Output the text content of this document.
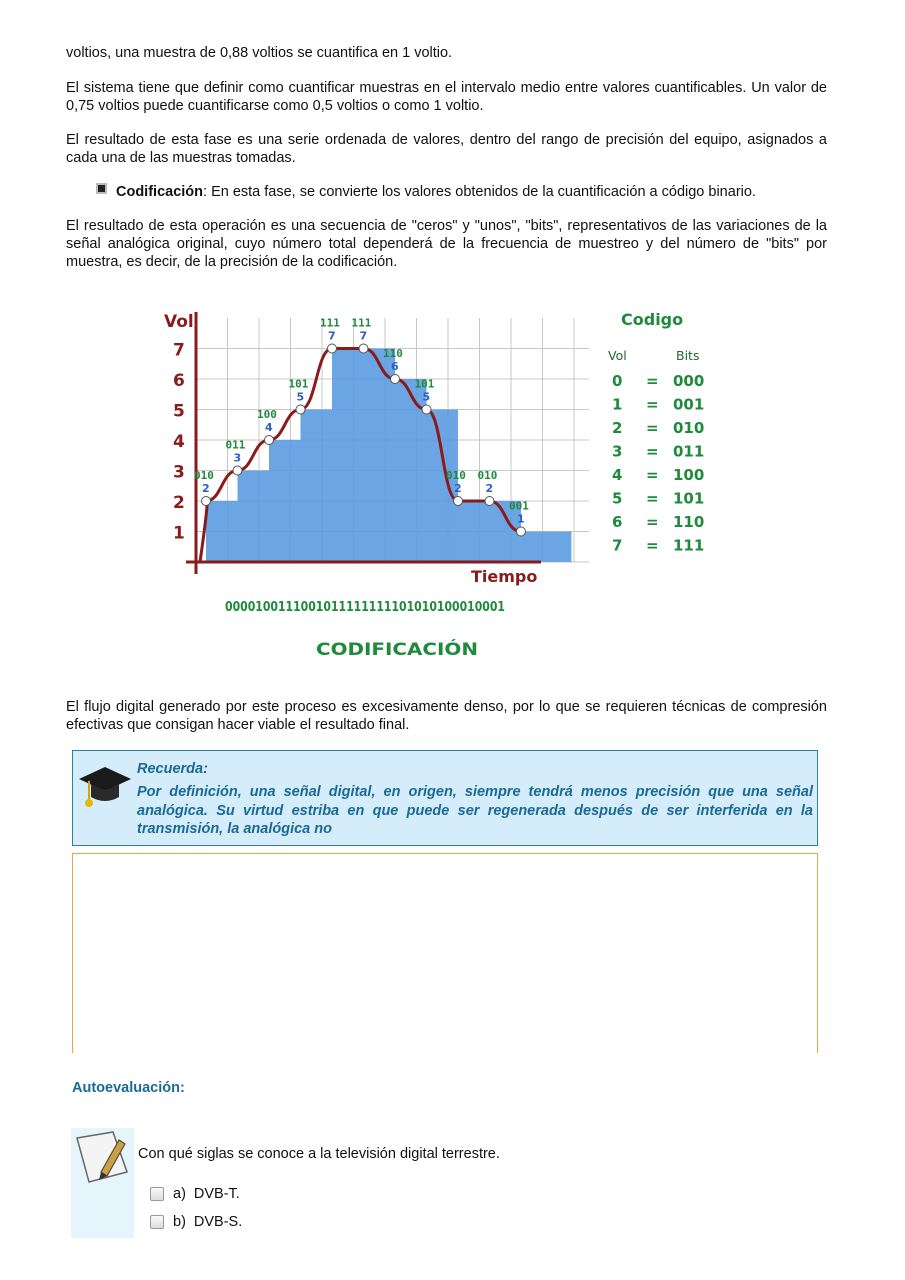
voltios, una muestra de 0,88 voltios se cuantifica en 1 voltio.

El sistema tiene que definir como cuantificar muestras en el intervalo medio entre valores cuantificables. Un valor de 0,75 voltios puede cuantificarse como 0,5 voltios o como 1 voltio.

El resultado de esta fase es una serie ordenada de valores, dentro del rango de precisión del equipo, asignados a cada una de las muestras tomadas.

Codificación: En esta fase, se convierte los valores obtenidos de la cuantificación a código binario.

El resultado de esta operación es una secuencia de "ceros" y "unos", "bits", representativos de las variaciones de la señal analógica original, cuyo número total dependerá de la frecuencia de muestreo y del número de "bits" por muestra, es decir, de la precisión de la codificación.

Vol
Tiempo
1
2
3
4
5
6
7
010
2
011
3
100
4
101
5
111
7
111
7
110
6
101
5
010
2
010
2
001
1
0000100111001011111111101010100010001
CODIFICACIÓN
Codigo
Vol	Bits
0 = 000
1 = 001
2 = 010
3 = 011
4 = 100
5 = 101
6 = 110
7 = 111

El flujo digital generado por este proceso es excesivamente denso, por lo que se requieren técnicas de compresión efectivas que consigan hacer viable el resultado final.

Recuerda:
Por definición, una señal digital, en origen, siempre tendrá menos precisión que una señal analógica. Su virtud estriba en que puede ser regenerada después de ser interferida en la transmisión, la analógica no
Autoevaluación:
Con qué siglas se conoce a la televisión digital terrestre.
a) DVB-T.
b) DVB-S.
